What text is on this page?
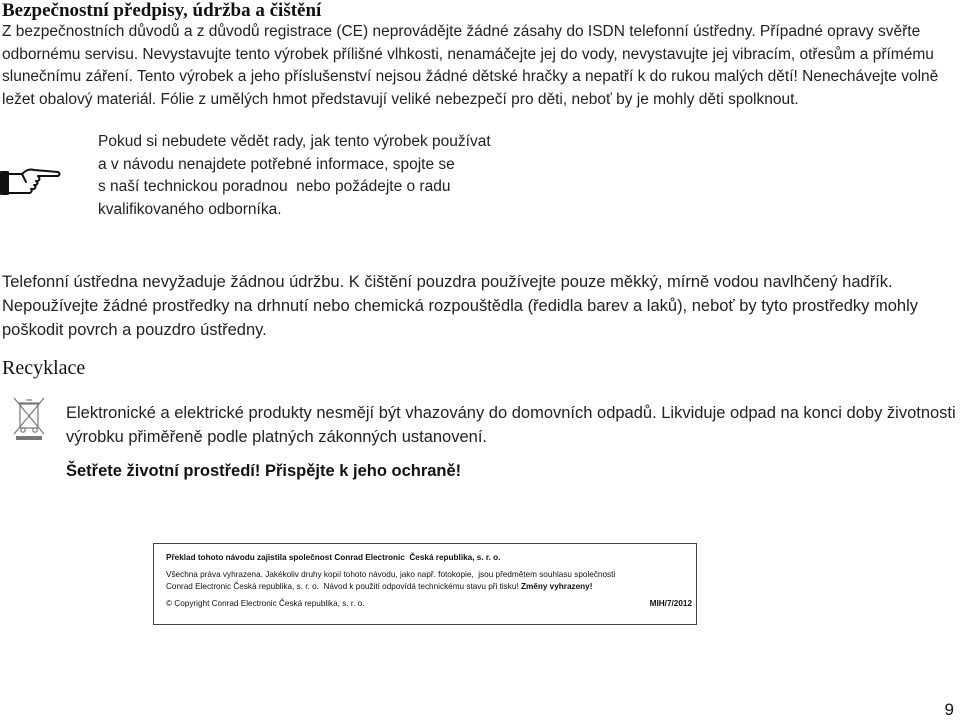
Bezpečnostní předpisy, údržba a čištění
Z bezpečnostních důvodů a z důvodů registrace (CE) neprovádějte žádné zásahy do ISDN telefonní ústředny. Případné opravy svěřte odbornému servisu. Nevystavujte tento výrobek přílišné vlhkosti, nenamáčejte jej do vody, nevystavujte jej vibracím, otřesům a přímému slunečnímu záření. Tento výrobek a jeho příslušenství nejsou žádné dětské hračky a nepatří k do rukou malých dětí! Nenechávejte volně ležet obalový materiál. Fólie z umělých hmot představují veliké nebezpečí pro děti, neboť by je mohly děti spolknout.
Pokud si nebudete vědět rady, jak tento výrobek používat
a v návodu nenajdete potřebné informace, spojte se
s naší technickou poradnou  nebo požádejte o radu
kvalifikovaného odborníka.
Telefonní ústředna nevyžaduje žádnou údržbu. K čištění pouzdra používejte pouze měkký, mírně vodou navlhčený hadřík. Nepoužívejte žádné prostředky na drhnutí nebo chemická rozpouštědla (ředidla barev a laků), neboť by tyto prostředky mohly poškodit povrch a pouzdro ústředny.
Recyklace
Elektronické a elektrické produkty nesmějí být vhazovány do domovních odpadů. Likviduje odpad na konci doby životnosti výrobku přiměřeně podle platných zákonných ustanovení.
Šetřete životní prostředí! Přispějte k jeho ochraně!
Překlad tohoto návodu zajistila společnost Conrad Electronic  Česká republika, s. r. o.
Všechna práva vyhrazena. Jakékoliv druhy kopií tohoto návodu, jako např. fotokopie,  jsou předmětem souhlasu společnosti
Conrad Electronic Česká republika, s. r. o.  Návod k použití odpovídá technickému stavu při tisku! Změny vyhrazeny!
© Copyright Conrad Electronic Česká republika, s. r. o.	MIH/7/2012
9
